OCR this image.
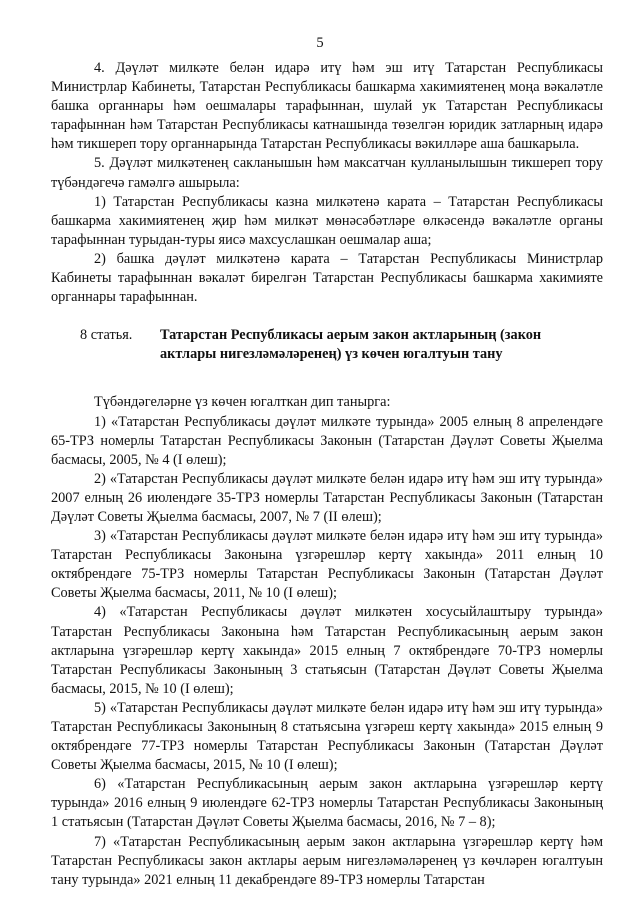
5

4. Дәүләт милкәте белән идарә итү һәм эш итү Татарстан Республикасы Министрлар Кабинеты, Татарстан Республикасы башкарма хакимиятенең моңа вәкаләтле башка органнары һәм оешмалары тарафыннан, шулай ук Татарстан Республикасы тарафыннан һәм Татарстан Республикасы катнашында төзелгән юридик затларның идарә һәм тикшереп тору органнарында Татарстан Республикасы вәкилләре аша башкарыла.

5. Дәүләт милкәтенең сакланышын һәм максатчан кулланылышын тикшереп тору түбәндәгечә гамәлгә ашырыла:

1) Татарстан Республикасы казна милкәтенә карата – Татарстан Республикасы башкарма хакимиятенең җир һәм милкәт мөнәсәбәтләре өлкәсендә вәкаләтле органы тарафыннан турыдан-туры яисә махсуслашкан оешмалар аша;

2) башка дәүләт милкәтенә карата – Татарстан Республикасы Министрлар Кабинеты тарафыннан вәкаләт бирелгән Татарстан Республикасы башкарма хакимияте органнары тарафыннан.

8 статья.	Татарстан Республикасы аерым закон актларының (закон
актлары нигезләмәләренең) үз көчен югалтуын тану

Түбәндәгеләрне үз көчен югалткан дип танырга:

1) «Татарстан Республикасы дәүләт милкәте турында» 2005 елның 8 апрелендәге 65-ТРЗ номерлы Татарстан Республикасы Законын (Татарстан Дәүләт Советы Җыелма басмасы, 2005, № 4 (I өлеш);

2) «Татарстан Республикасы дәүләт милкәте белән идарә итү һәм эш итү турында» 2007 елның 26 июлендәге 35-ТРЗ номерлы Татарстан Республикасы Законын (Татарстан Дәүләт Советы Җыелма басмасы, 2007, № 7 (II өлеш);

3) «Татарстан Республикасы дәүләт милкәте белән идарә итү һәм эш итү турында» Татарстан Республикасы Законына үзгәрешләр кертү хакында» 2011 елның 10 октябрендәге 75-ТРЗ номерлы Татарстан Республикасы Законын (Татарстан Дәүләт Советы Җыелма басмасы, 2011, № 10 (I өлеш);

4) «Татарстан Республикасы дәүләт милкәтен хосусыйлаштыру турында» Татарстан Республикасы Законына һәм Татарстан Республикасының аерым закон актларына үзгәрешләр кертү хакында» 2015 елның 7 октябрендәге 70-ТРЗ номерлы Татарстан Республикасы Законының 3 статьясын (Татарстан Дәүләт Советы Җыелма басмасы, 2015, № 10 (I өлеш);

5) «Татарстан Республикасы дәүләт милкәте белән идарә итү һәм эш итү турында» Татарстан Республикасы Законының 8 статьясына үзгәреш кертү хакында» 2015 елның 9 октябрендәге 77-ТРЗ номерлы Татарстан Республикасы Законын (Татарстан Дәүләт Советы Җыелма басмасы, 2015, № 10 (I өлеш);

6) «Татарстан Республикасының аерым закон актларына үзгәрешләр кертү турында» 2016 елның 9 июлендәге 62-ТРЗ номерлы Татарстан Республикасы Законының 1 статьясын (Татарстан Дәүләт Советы Җыелма басмасы, 2016, № 7 – 8);

7) «Татарстан Республикасының аерым закон актларына үзгәрешләр кертү һәм Татарстан Республикасы закон актлары аерым нигезләмәләренең үз көчләрен югалтуын тану турында» 2021 елның 11 декабрендәге 89-ТРЗ номерлы Татарстан
